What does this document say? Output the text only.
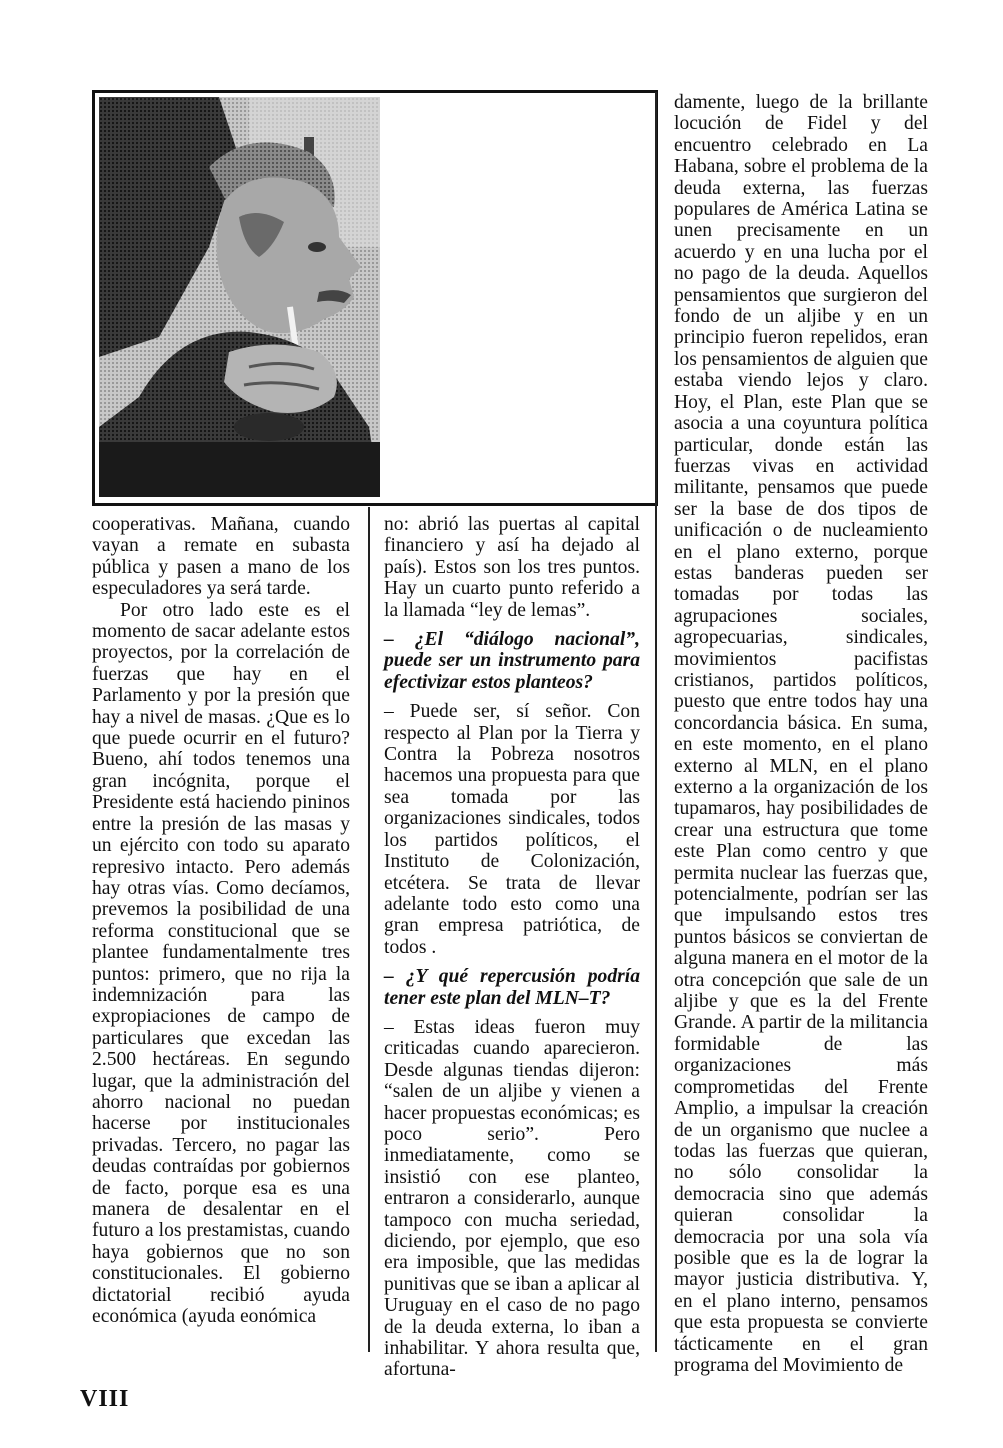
cooperativas. Mañana, cuando vayan a remate en subasta pública y pasen a mano de los especuladores ya será tarde.

Por otro lado este es el momento de sacar adelante estos proyectos, por la correlación de fuerzas que hay en el Parlamento y por la presión que hay a nivel de masas. ¿Que es lo que puede ocurrir en el futuro? Bueno, ahí todos tenemos una gran incógnita, porque el Presidente está haciendo pininos entre la presión de las masas y un ejército con todo su aparato represivo intacto. Pero además hay otras vías. Como decíamos, prevemos la posibilidad de una reforma constitucional que se plantee fundamentalmente tres puntos: primero, que no rija la indemnización para las expropiaciones de campo de particulares que excedan las 2.500 hectáreas. En segundo lugar, que la administración del ahorro nacional no puedan hacerse por institucionales privadas. Tercero, no pagar las deudas contraídas por gobiernos de facto, porque esa es una manera de desalentar en el futuro a los prestamistas, cuando haya gobiernos que no son constitucionales. El gobierno dictatorial recibió ayuda económica (ayuda eonómica

no: abrió las puertas al capital financiero y así ha dejado al país). Estos son los tres puntos. Hay un cuarto punto referido a la llamada “ley de lemas”.

– ¿El “diálogo nacional”, puede ser un instrumento para efectivizar estos planteos?

– Puede ser, sí señor. Con respecto al Plan por la Tierra y Contra la Pobreza nosotros hacemos una propuesta para que sea tomada por las organizaciones sindicales, todos los partidos políticos, el Instituto de Colonización, etcétera. Se trata de llevar adelante todo esto como una gran empresa patriótica, de todos .

– ¿Y qué repercusión podría tener este plan del MLN–T?

– Estas ideas fueron muy criticadas cuando aparecieron. Desde algunas tiendas dijeron: “salen de un aljibe y vienen a hacer propuestas económicas; es poco serio”. Pero inmediatamente, como se insistió con ese planteo, entraron a considerarlo, aunque tampoco con mucha seriedad, diciendo, por ejemplo, que eso era imposible, que las medidas punitivas que se iban a aplicar al Uruguay en el caso de no pago de la deuda externa, lo iban a inhabilitar. Y ahora resulta que, afortuna-

damente, luego de la brillante locución de Fidel y del encuentro celebrado en La Habana, sobre el problema de la deuda externa, las fuerzas populares de América Latina se unen precisamente en un acuerdo y en una lucha por el no pago de la deuda. Aquellos pensamientos que surgieron del fondo de un aljibe y en un principio fueron repelidos, eran los pensamientos de alguien que estaba viendo lejos y claro. Hoy, el Plan, este Plan que se asocia a una coyuntura política particular, donde están las fuerzas vivas en actividad militante, pensamos que puede ser la base de dos tipos de unificación o de nucleamiento en el plano externo, porque estas banderas pueden ser tomadas por todas las agrupaciones sociales, agropecuarias, sindicales, movimientos pacifistas cristianos, partidos políticos, puesto que entre todos hay una concordancia básica. En suma, en este momento, en el plano externo al MLN, en el plano externo a la organización de los tupamaros, hay posibilidades de crear una estructura que tome este Plan como centro y que permita nuclear las fuerzas que, potencialmente, podrían ser las que impulsando estos tres puntos básicos se conviertan de alguna manera en el motor de la otra concepción que sale de un aljibe y que es la del Frente Grande. A partir de la militancia formidable de las organizaciones más comprometidas del Frente Amplio, a impulsar la creación de un organismo que nuclee a todas las fuerzas que quieran, no sólo consolidar la democracia sino que además quieran consolidar la democracia por una sola vía posible que es la de lograr la mayor justicia distributiva. Y, en el plano interno, pensamos que esta propuesta se convierte tácticamente en el gran programa del Movimiento de

VIII
